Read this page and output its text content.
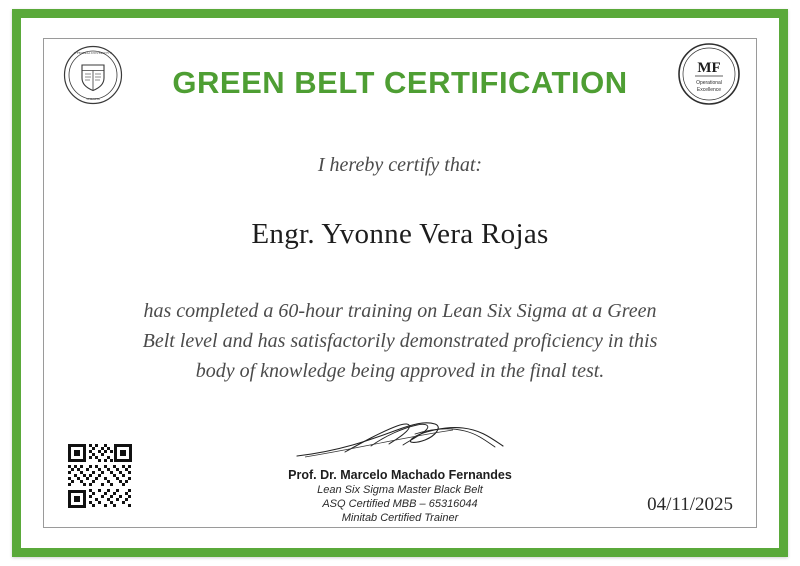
★ FEDERAL UNIVERSITY ★
SCIENTIA
MF
Operational
Excellence
GREEN BELT CERTIFICATION
I hereby certify that:
Engr. Yvonne Vera Rojas
has completed a 60-hour training on Lean Six Sigma at a Green Belt level and has satisfactorily demonstrated proficiency in this body of knowledge being approved in the final test.
Prof. Dr. Marcelo Machado Fernandes
Lean Six Sigma Master Black Belt
ASQ Certified MBB – 65316044
Minitab Certified Trainer
04/11/2025
